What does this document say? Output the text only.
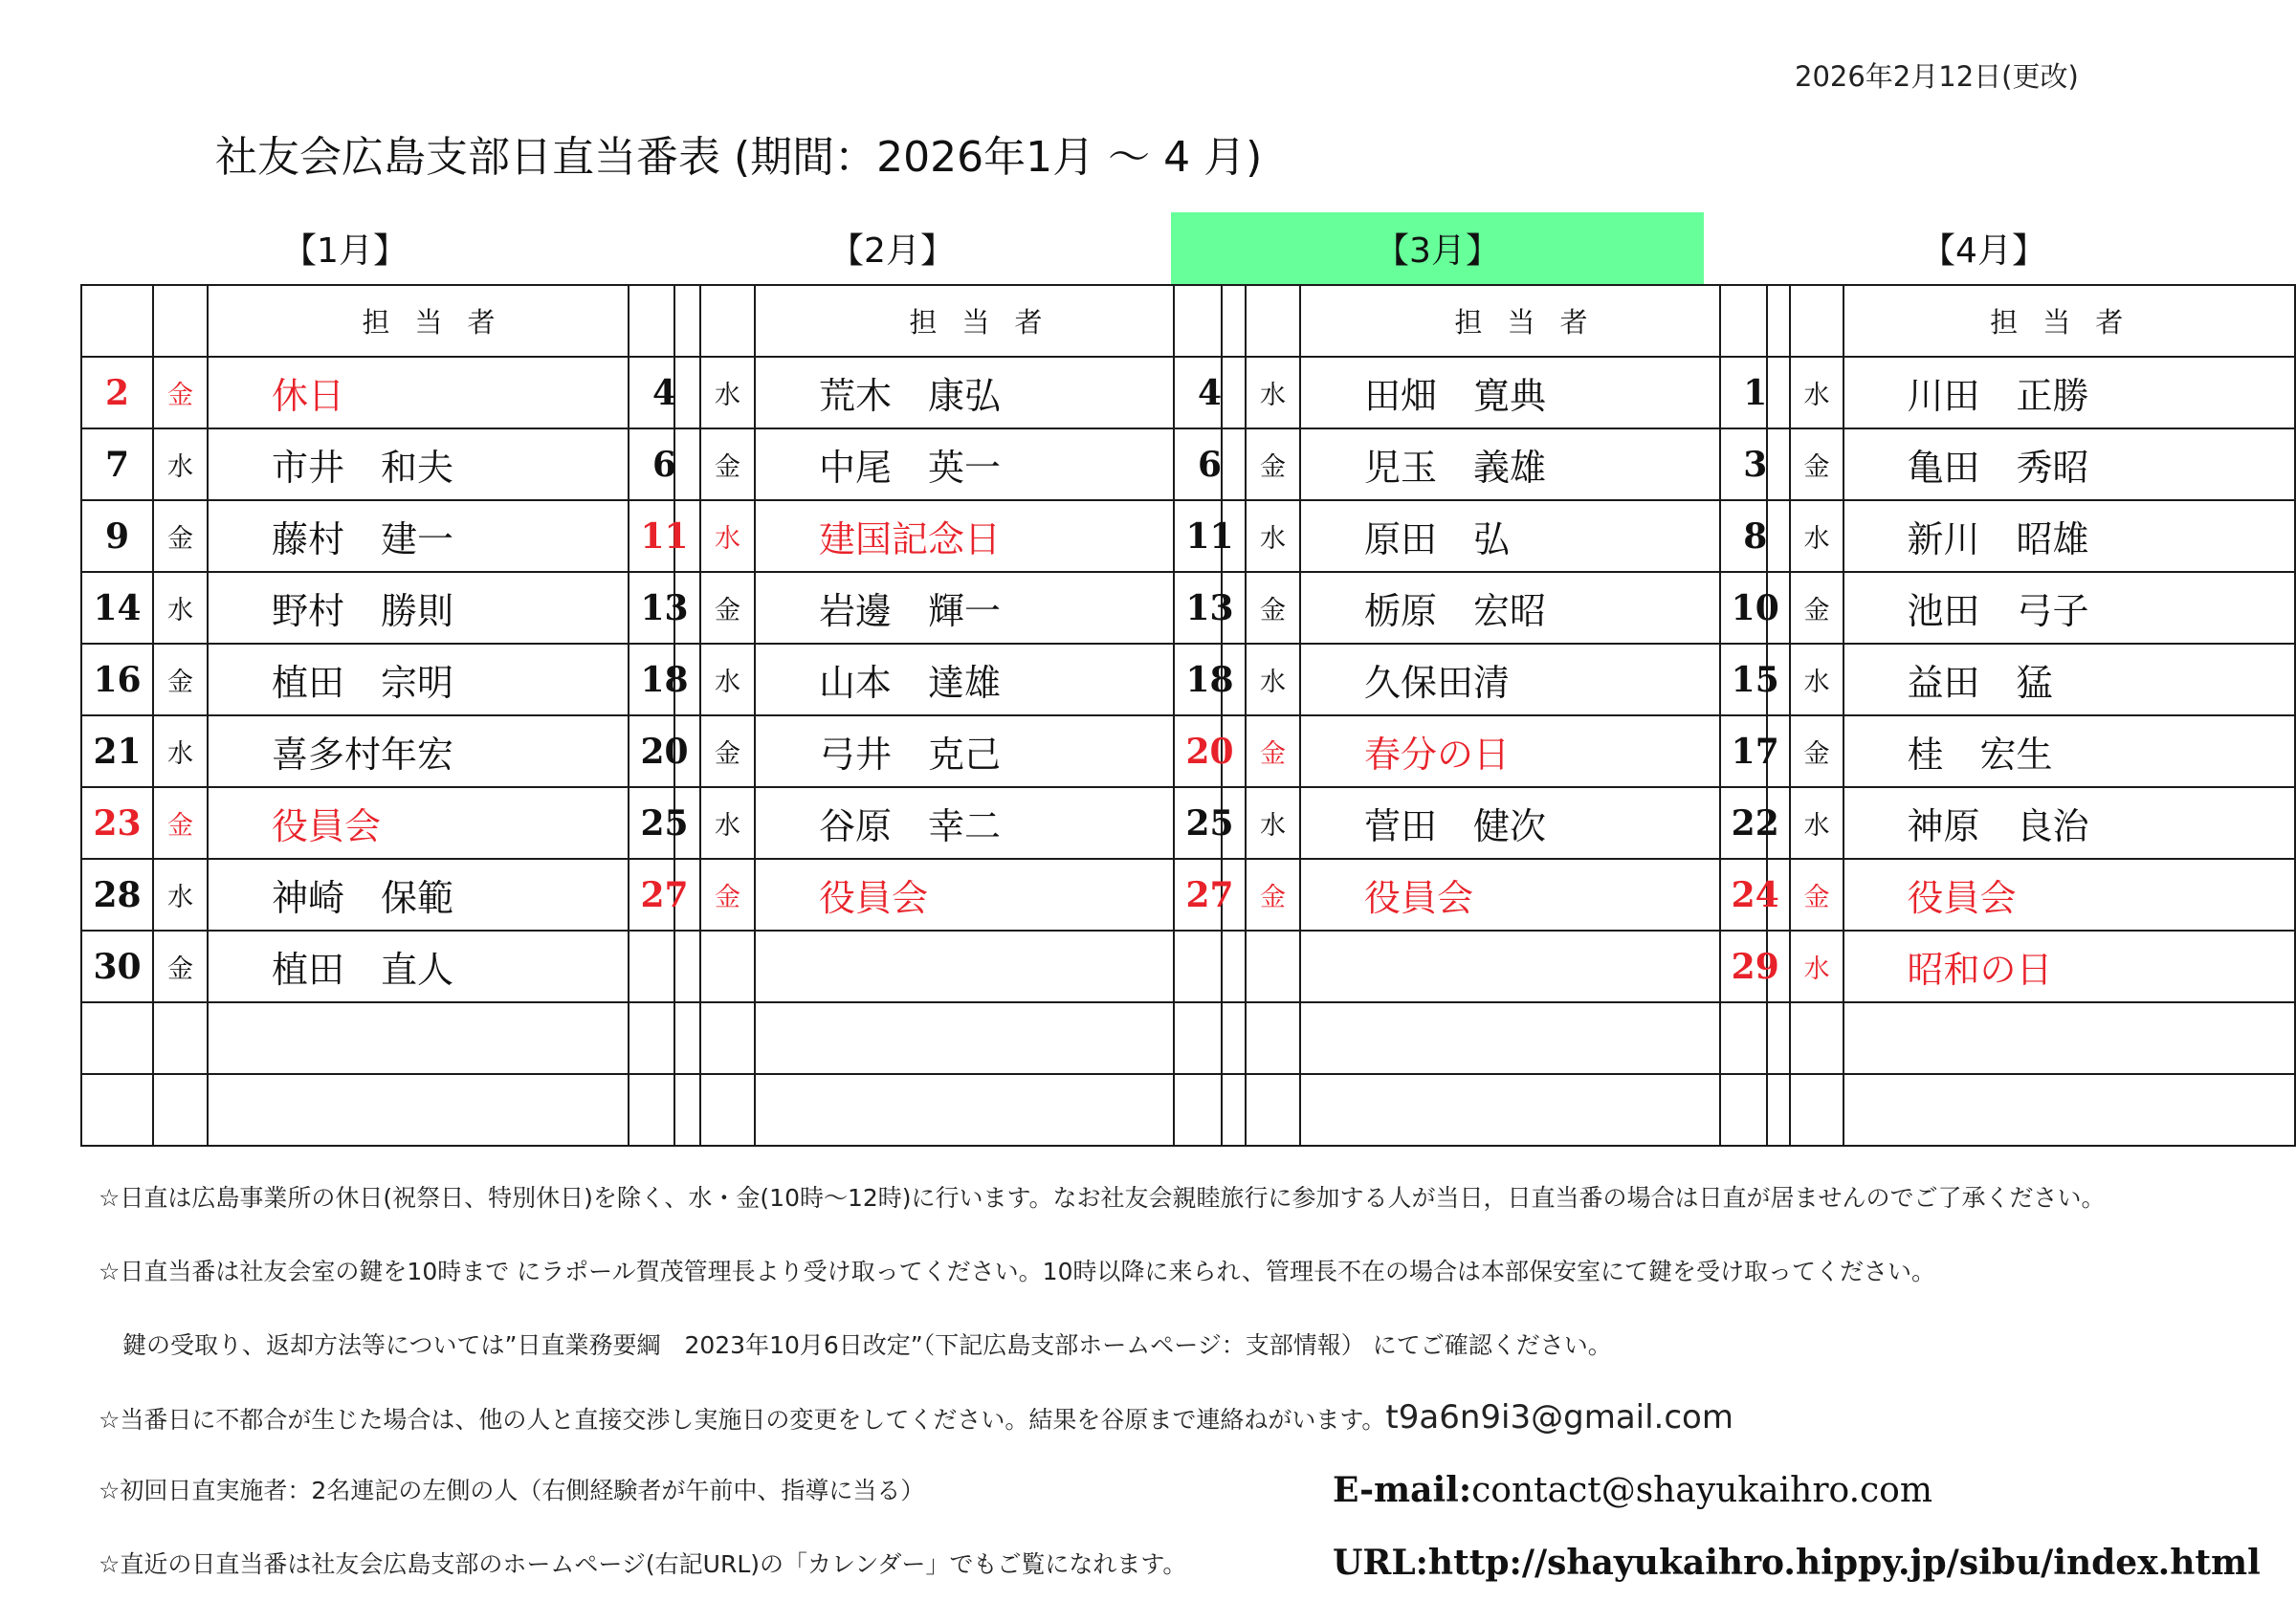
2026年2月12日(更改)
社友会広島支部日直当番表 (期間：2026年1月 ～ 4 月)
【1月】
		担当者
2	金	休日
7	水	市井　和夫
9	金	藤村　建一
14	水	野村　勝則
16	金	植田　宗明
21	水	喜多村年宏
23	金	役員会
28	水	神崎　保範
30	金	植田　直人

【2月】
		担当者
4	水	荒木　康弘
6	金	中尾　英一
11	水	建国記念日
13	金	岩邊　輝一
18	水	山本　達雄
20	金	弓井　克己
25	水	谷原　幸二
27	金	役員会

【3月】
		担当者
4	水	田畑　寛典
6	金	児玉　義雄
11	水	原田　弘
13	金	栃原　宏昭
18	水	久保田清
20	金	春分の日
25	水	菅田　健次
27	金	役員会

【4月】
		担当者
1	水	川田　正勝
3	金	亀田　秀昭
8	水	新川　昭雄
10	金	池田　弓子
15	水	益田　猛
17	金	桂　宏生
22	水	神原　良治
24	金	役員会
29	水	昭和の日

☆日直は広島事業所の休日(祝祭日、特別休日)を除く、水・金(10時～12時)に行います。なお社友会親睦旅行に参加する人が当日，日直当番の場合は日直が居ませんのでご了承ください。
☆日直当番は社友会室の鍵を10時まで にラポール賀茂管理長より受け取ってください。10時以降に来られ、管理長不在の場合は本部保安室にて鍵を受け取ってください。
　鍵の受取り、返却方法等については”日直業務要綱　2023年10月6日改定”（下記広島支部ホームページ：支部情報） にてご確認ください。
☆当番日に不都合が生じた場合は、他の人と直接交渉し実施日の変更をしてください。結果を谷原まで連絡ねがいます。t9a6n9i3@gmail.com
☆初回日直実施者：2名連記の左側の人（右側経験者が午前中、指導に当る）
☆直近の日直当番は社友会広島支部のホームページ(右記URL)の「カレンダー」でもご覧になれます。
E-mail:contact@shayukaihro.com
URL:http://shayukaihro.hippy.jp/sibu/index.html
